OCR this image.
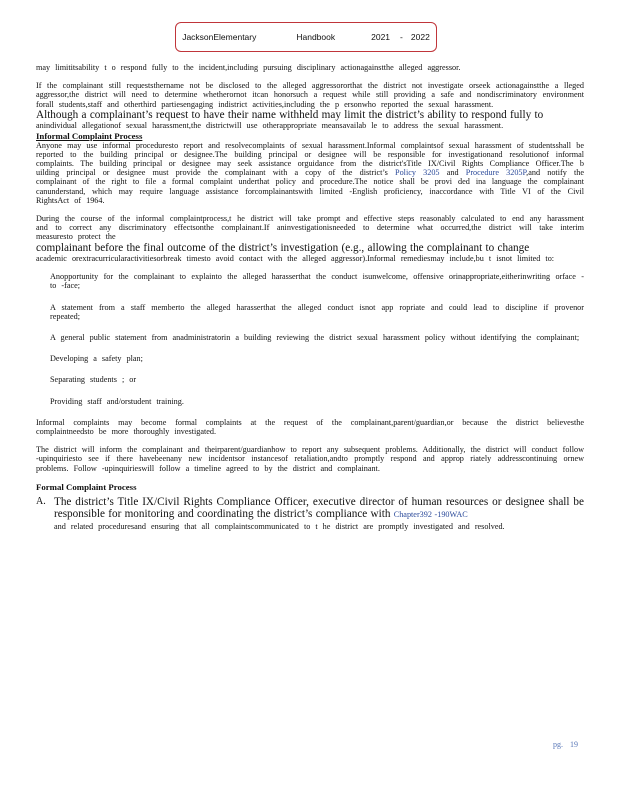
JacksonElementary	Handbook	2021 - 2022

may limititsability t o respond fully to the incident,including pursuing disciplinary actionagainstthe alleged aggressor.

If the complainant still requeststhername not be disclosed to the alleged aggressororthat the district not investigate orseek actionagainstthe a lleged aggressor,the district will need to determine whetherornot itcan honorsuch a request while still providing a safe and nondiscriminatory environment forall students,staff and otherthird partiesengaging indistrict activities,including the p ersonwho reported the sexual harassment.

Although a complainant’s request to have their name withheld may limit the district’s ability to respond fully to

anindividual allegationof sexual harassment,the districtwill use otherappropriate meansavailab le to address the sexual harassment.

Informal Complaint Process

Anyone may use informal proceduresto report and resolvecomplaints of sexual harassment.Informal complaintsof sexual harassment of studentsshall be reported to the building principal or designee.The building principal or designee will be responsible for investigationand resolutionof informal complaints. The building principal or designee may seek assistance orguidance from the district'sTitle IX/Civil Rights Compliance Officer.The b uilding principal or designee must provide the complainant with a copy of the district’s Policy 3205 and Procedure 3205P,and notify the complainant of the right to file a formal complaint underthat policy and procedure.The notice shall be provi ded ina language the complainant canunderstand, which may require language assistance forcomplainantswith limited -English proficiency, inaccordance with Title VI of the Civil RightsAct of 1964.

During the course of the informal complaintprocess,t he district will take prompt and effective steps reasonably calculated to end any harassment and to correct any discriminatory effectsonthe complainant.If aninvestigationisneeded to determine what occurred,the district will take interim measuresto protect the

complainant before the final outcome of the district’s investigation (e.g., allowing the complainant to change

academic orextracurricularactivitiesorbreak timesto avoid contact with the alleged aggressor).Informal remediesmay include,bu t isnot limited to:

Anopportunity for the complainant to explainto the alleged harasserthat the conduct isunwelcome, offensive orinappropriate,eitherinwriting orface -to -face;
A statement from a staff memberto the alleged harasserthat the alleged conduct isnot app ropriate and could lead to discipline if provenor repeated;
A general public statement from anadministratorin a building reviewing the district sexual harassment policy without identifying the complainant;
Developing a safety plan;
Separating students ; or
Providing staff and/orstudent training.

Informal complaints may become formal complaints at the request of the complainant,parent/guardian,or because the district believesthe complaintneedsto be more thoroughly investigated.

The district will inform the complainant and theirparent/guardianhow to report any subsequent problems. Additionally, the district will conduct follow -upinquiriesto see if there havebeenany new incidentsor instancesof retaliation,andto promptly respond and approp riately addresscontinuing ornew problems. Follow -upinquirieswill follow a timeline agreed to by the district and complainant.

Formal Complaint Process
A. The district’s Title IX/Civil Rights Compliance Officer, executive director of human resources or designee shall be responsible for monitoring and coordinating the district’s compliance with Chapter392 -190WAC

and related proceduresand ensuring that all complaintscommunicated to t he district are promptly investigated and resolved.

pg. 19
